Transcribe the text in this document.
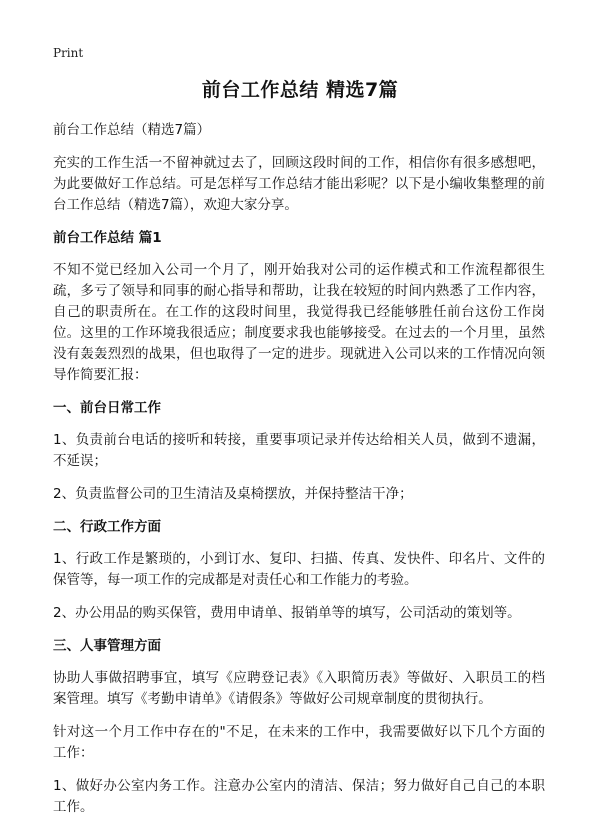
Print
前台工作总结 精选7篇

前台工作总结（精选7篇）

充实的工作生活一不留神就过去了，回顾这段时间的工作，相信你有很多感想吧，为此要做好工作总结。可是怎样写工作总结才能出彩呢？以下是小编收集整理的前台工作总结（精选7篇），欢迎大家分享。

前台工作总结 篇1

不知不觉已经加入公司一个月了，刚开始我对公司的运作模式和工作流程都很生疏，多亏了领导和同事的耐心指导和帮助，让我在较短的时间内熟悉了工作内容，自己的职责所在。在工作的这段时间里，我觉得我已经能够胜任前台这份工作岗位。这里的工作环境我很适应；制度要求我也能够接受。在过去的一个月里，虽然没有轰轰烈烈的战果，但也取得了一定的进步。现就进入公司以来的工作情况向领导作简要汇报：

一、前台日常工作

1、负责前台电话的接听和转接，重要事项记录并传达给相关人员，做到不遗漏，不延误；

2、负责监督公司的卫生清洁及桌椅摆放，并保持整洁干净；

二、行政工作方面

1、行政工作是繁琐的，小到订水、复印、扫描、传真、发快件、印名片、文件的保管等，每一项工作的完成都是对责任心和工作能力的考验。

2、办公用品的购买保管，费用申请单、报销单等的填写，公司活动的策划等。

三、人事管理方面

协助人事做招聘事宜，填写《应聘登记表》《入职简历表》等做好、入职员工的档案管理。填写《考勤申请单》《请假条》等做好公司规章制度的贯彻执行。

针对这一个月工作中存在的"不足，在未来的工作中，我需要做好以下几个方面的工作：

1、做好办公室内务工作。注意办公室内的清洁、保洁；努力做好自己自己的本职工作。
